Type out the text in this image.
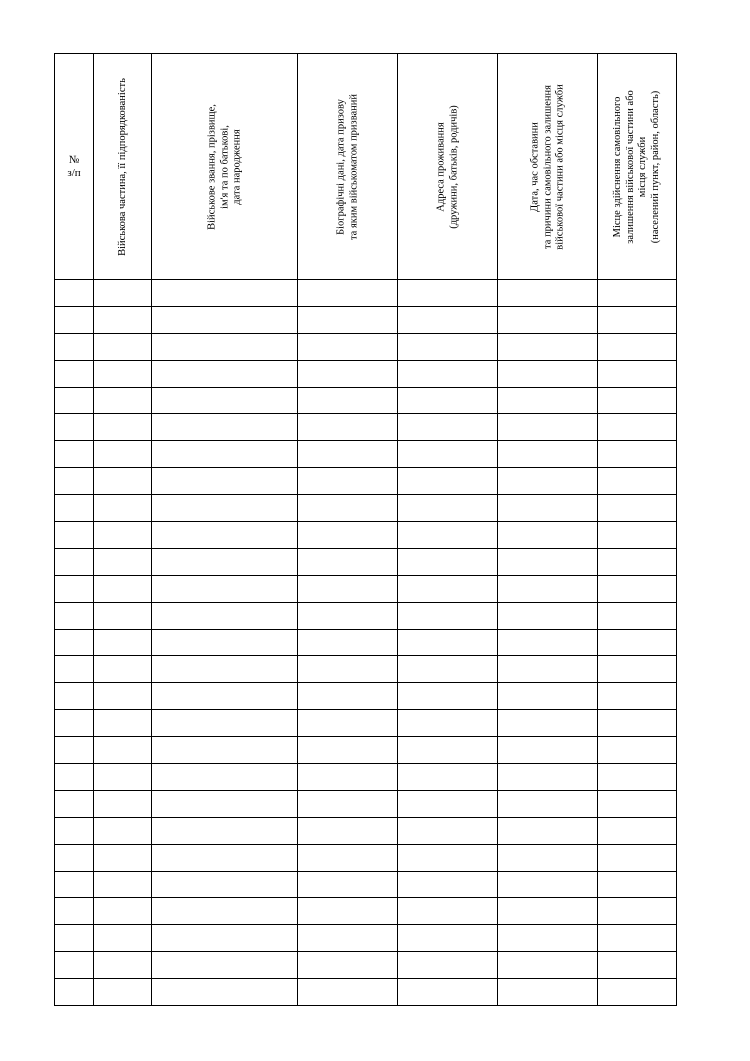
№
з/п	Військова частина, її підпорядкованість	Військове звання, прізвище, ім'я та по батькові, дата народження	Біографічні дані, дата призову та яким військоматом призваний	Адреса проживання (дружини, батьків, родичів)	Дата, час обставини та причини самовільного залишення військової частини або місця служби	Місце здійснення самовільного залишення військової частини або місця служби (населений пункт, район, область)
